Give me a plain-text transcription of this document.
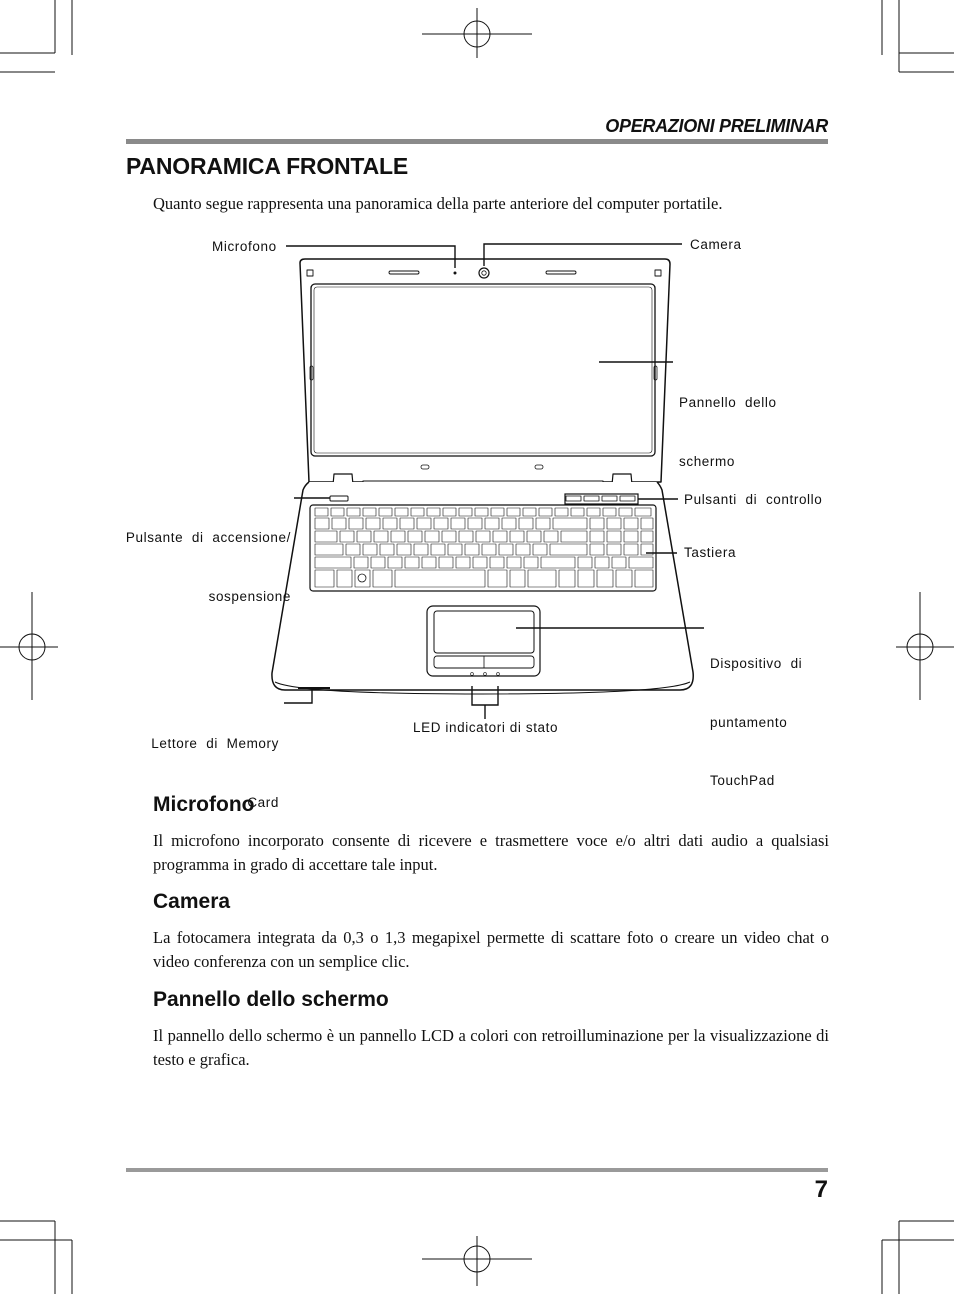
OPERAZIONI PRELIMINAR
PANORAMICA FRONTALE
Quanto segue rappresenta una panoramica della parte anteriore del computer portatile.
Microfono	Camera

Pannello  dello

schermo

Pulsante  di  accensione/

sospensione

Pulsanti  di  controllo
Tastiera

Dispositivo  di

puntamento

TouchPad

Lettore  di  Memory

Card

LED indicatori di stato
Microfono
Il microfono incorporato consente di ricevere e trasmettere voce e/o altri dati audio a qualsiasi programma in grado di accettare tale input.
Camera
La fotocamera integrata da 0,3 o 1,3 megapixel permette di scattare foto o creare un video chat o video conferenza con un semplice clic.
Pannello dello schermo
Il pannello dello schermo è un pannello LCD a colori con retroilluminazione per la visualizzazione di testo e grafica.
7
